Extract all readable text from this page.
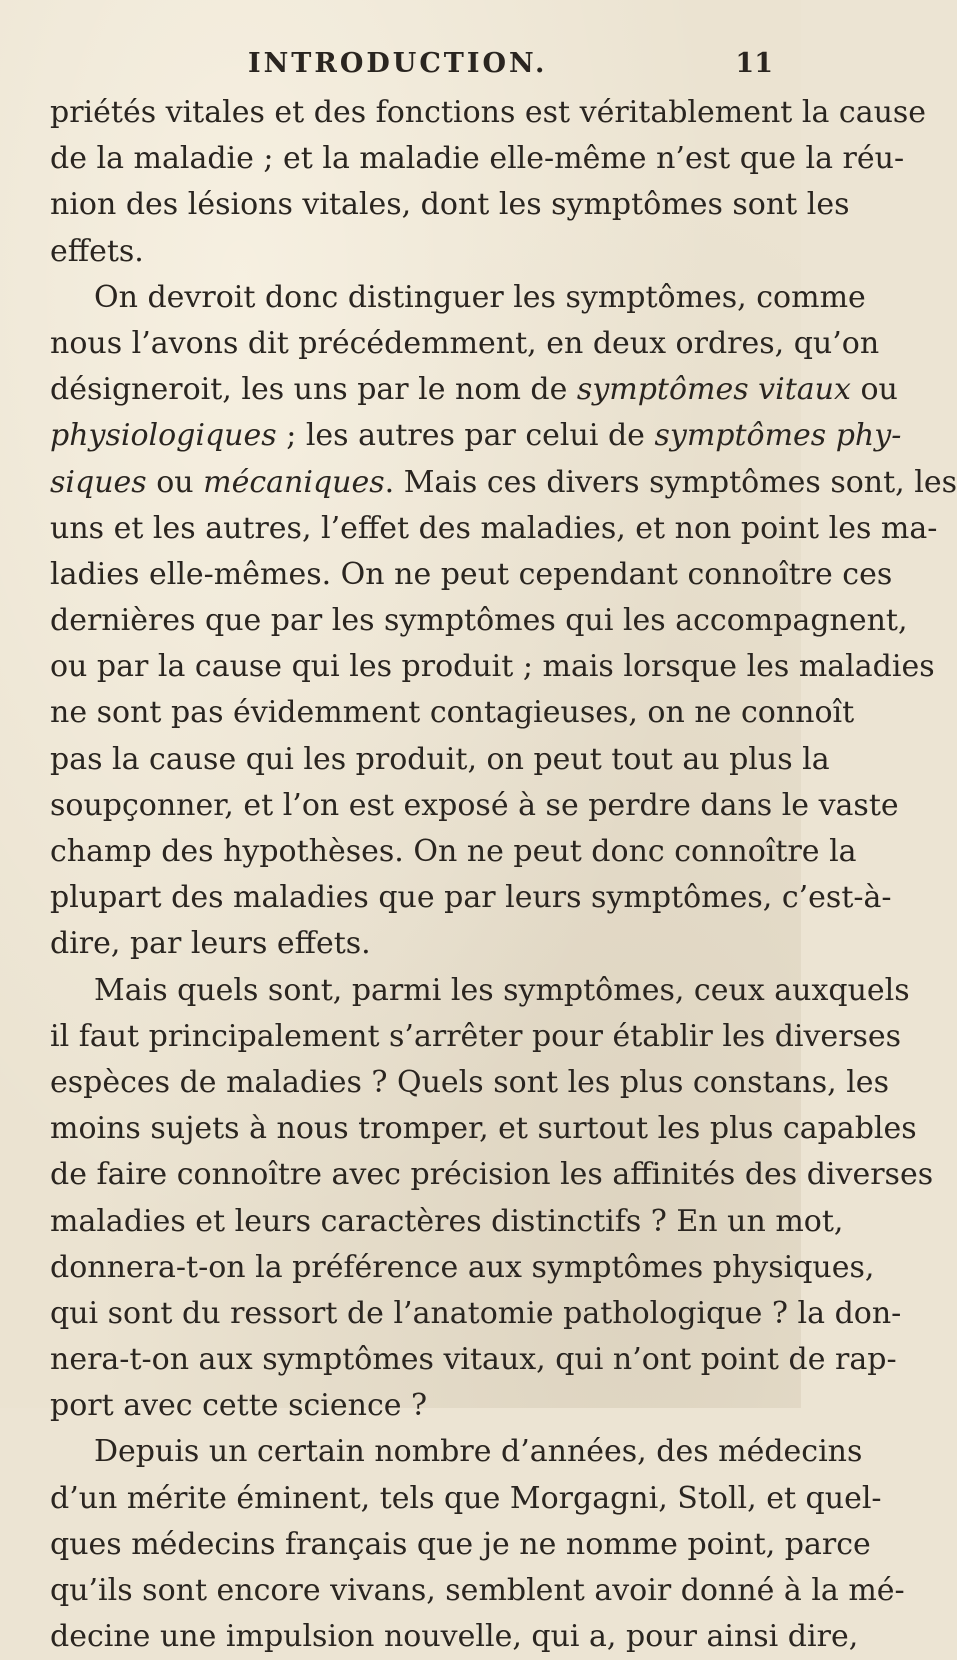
INTRODUCTION.	11
priétés vitales et des fonctions est véritablement la cause
de la maladie ; et la maladie elle-même n’est que la réu-
nion des lésions vitales, dont les symptômes sont les
effets.
On devroit donc distinguer les symptômes, comme
nous l’avons dit précédemment, en deux ordres, qu’on
désigneroit, les uns par le nom de symptômes vitaux ou
physiologiques ; les autres par celui de symptômes phy-
siques ou mécaniques. Mais ces divers symptômes sont, les
uns et les autres, l’effet des maladies, et non point les ma-
ladies elle-mêmes. On ne peut cependant connoître ces
dernières que par les symptômes qui les accompagnent,
ou par la cause qui les produit ; mais lorsque les maladies
ne sont pas évidemment contagieuses, on ne connoît
pas la cause qui les produit, on peut tout au plus la
soupçonner, et l’on est exposé à se perdre dans le vaste
champ des hypothèses. On ne peut donc connoître la
plupart des maladies que par leurs symptômes, c’est-à-
dire, par leurs effets.
Mais quels sont, parmi les symptômes, ceux auxquels
il faut principalement s’arrêter pour établir les diverses
espèces de maladies ? Quels sont les plus constans, les
moins sujets à nous tromper, et surtout les plus capables
de faire connoître avec précision les affinités des diverses
maladies et leurs caractères distinctifs ? En un mot,
donnera-t-on la préférence aux symptômes physiques,
qui sont du ressort de l’anatomie pathologique ? la don-
nera-t-on aux symptômes vitaux, qui n’ont point de rap-
port avec cette science ?
Depuis un certain nombre d’années, des médecins
d’un mérite éminent, tels que Morgagni, Stoll, et quel-
ques médecins français que je ne nomme point, parce
qu’ils sont encore vivans, semblent avoir donné à la mé-
decine une impulsion nouvelle, qui a, pour ainsi dire,
